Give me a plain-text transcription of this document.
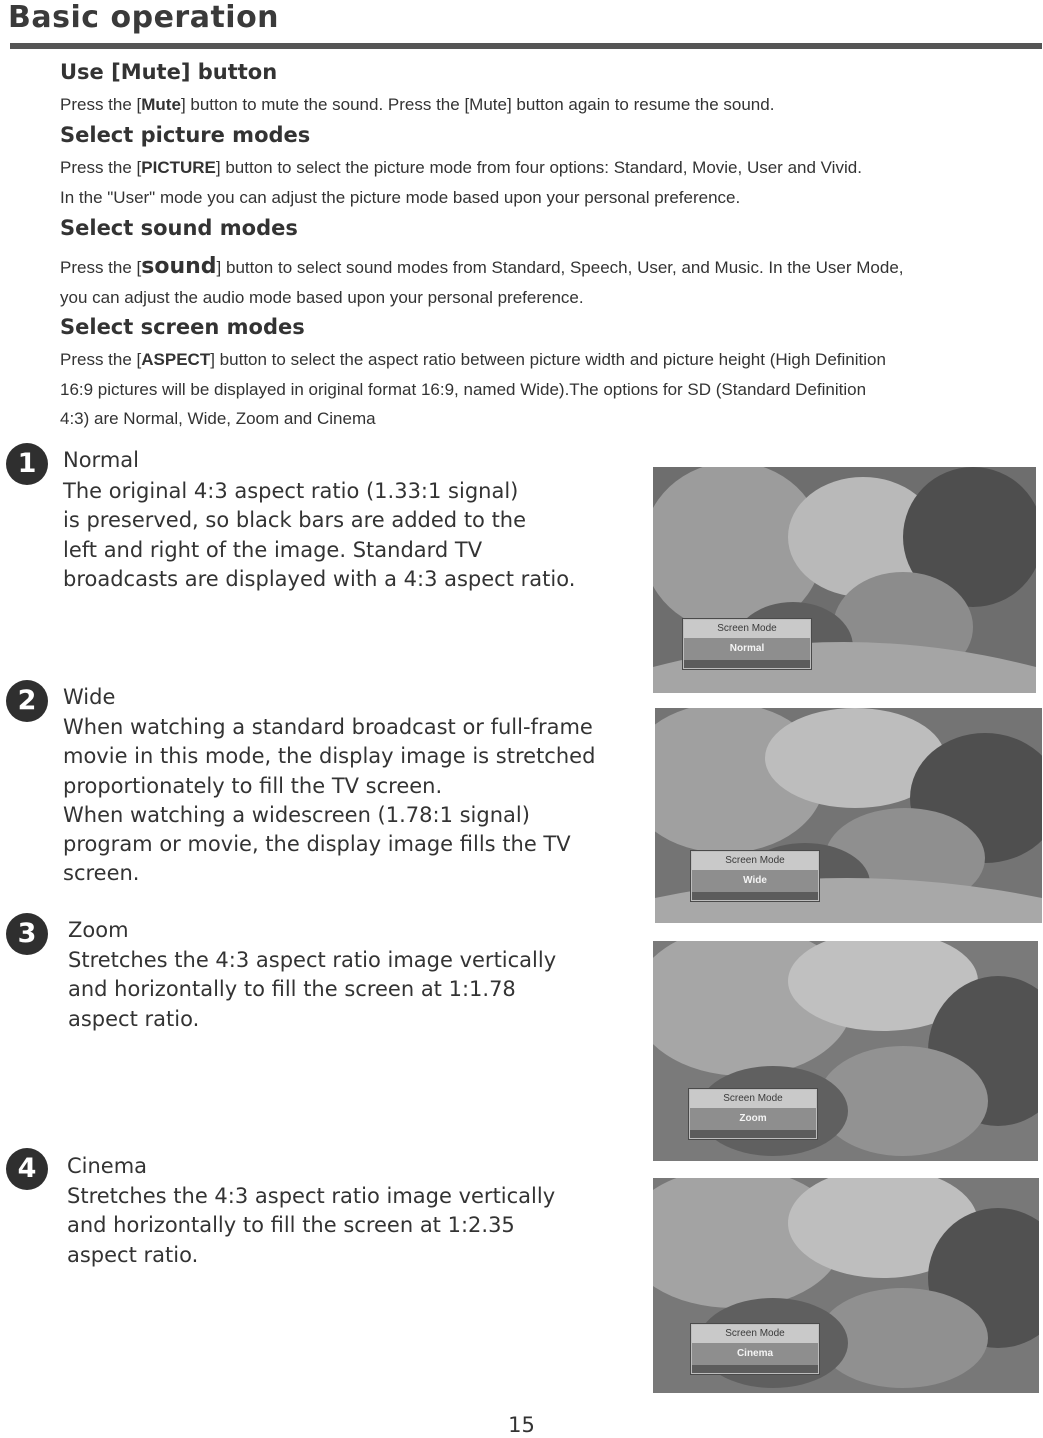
Basic operation
Use [Mute] button
Press the [Mute] button to mute the sound. Press the [Mute] button again to resume the sound.
Select picture modes
Press the [PICTURE] button to select the picture mode from four options: Standard, Movie, User and Vivid.
In the "User" mode you can adjust the picture mode based upon your personal preference.
Select sound modes
Press the [sound] button to select sound modes from Standard, Speech, User, and Music. In the User Mode,
you can adjust the audio mode based upon your personal preference.
Select screen modes
Press the [ASPECT] button to select the aspect ratio between picture width and picture height (High Definition
16:9 pictures will be displayed in original format 16:9, named Wide).The options for SD (Standard Definition
4:3) are Normal, Wide, Zoom and Cinema
1	Normal
The original 4:3 aspect ratio (1.33:1 signal)
is preserved, so black bars are added to the
left and right of the image. Standard TV
broadcasts are displayed with a 4:3 aspect ratio.
Screen Mode
Normal
2	Wide
When watching a standard broadcast or full-frame
movie in this mode, the display image is stretched
proportionately to fill the TV screen.
When watching a widescreen (1.78:1 signal)
program or movie, the display image fills the TV
screen.
Screen Mode
Wide
3	Zoom
Stretches the 4:3 aspect ratio image vertically
and horizontally to fill the screen at 1:1.78
aspect ratio.
Screen Mode
Zoom
4	Cinema
Stretches the 4:3 aspect ratio image vertically
and horizontally to fill the screen at 1:2.35
aspect ratio.
Screen Mode
Cinema
15
